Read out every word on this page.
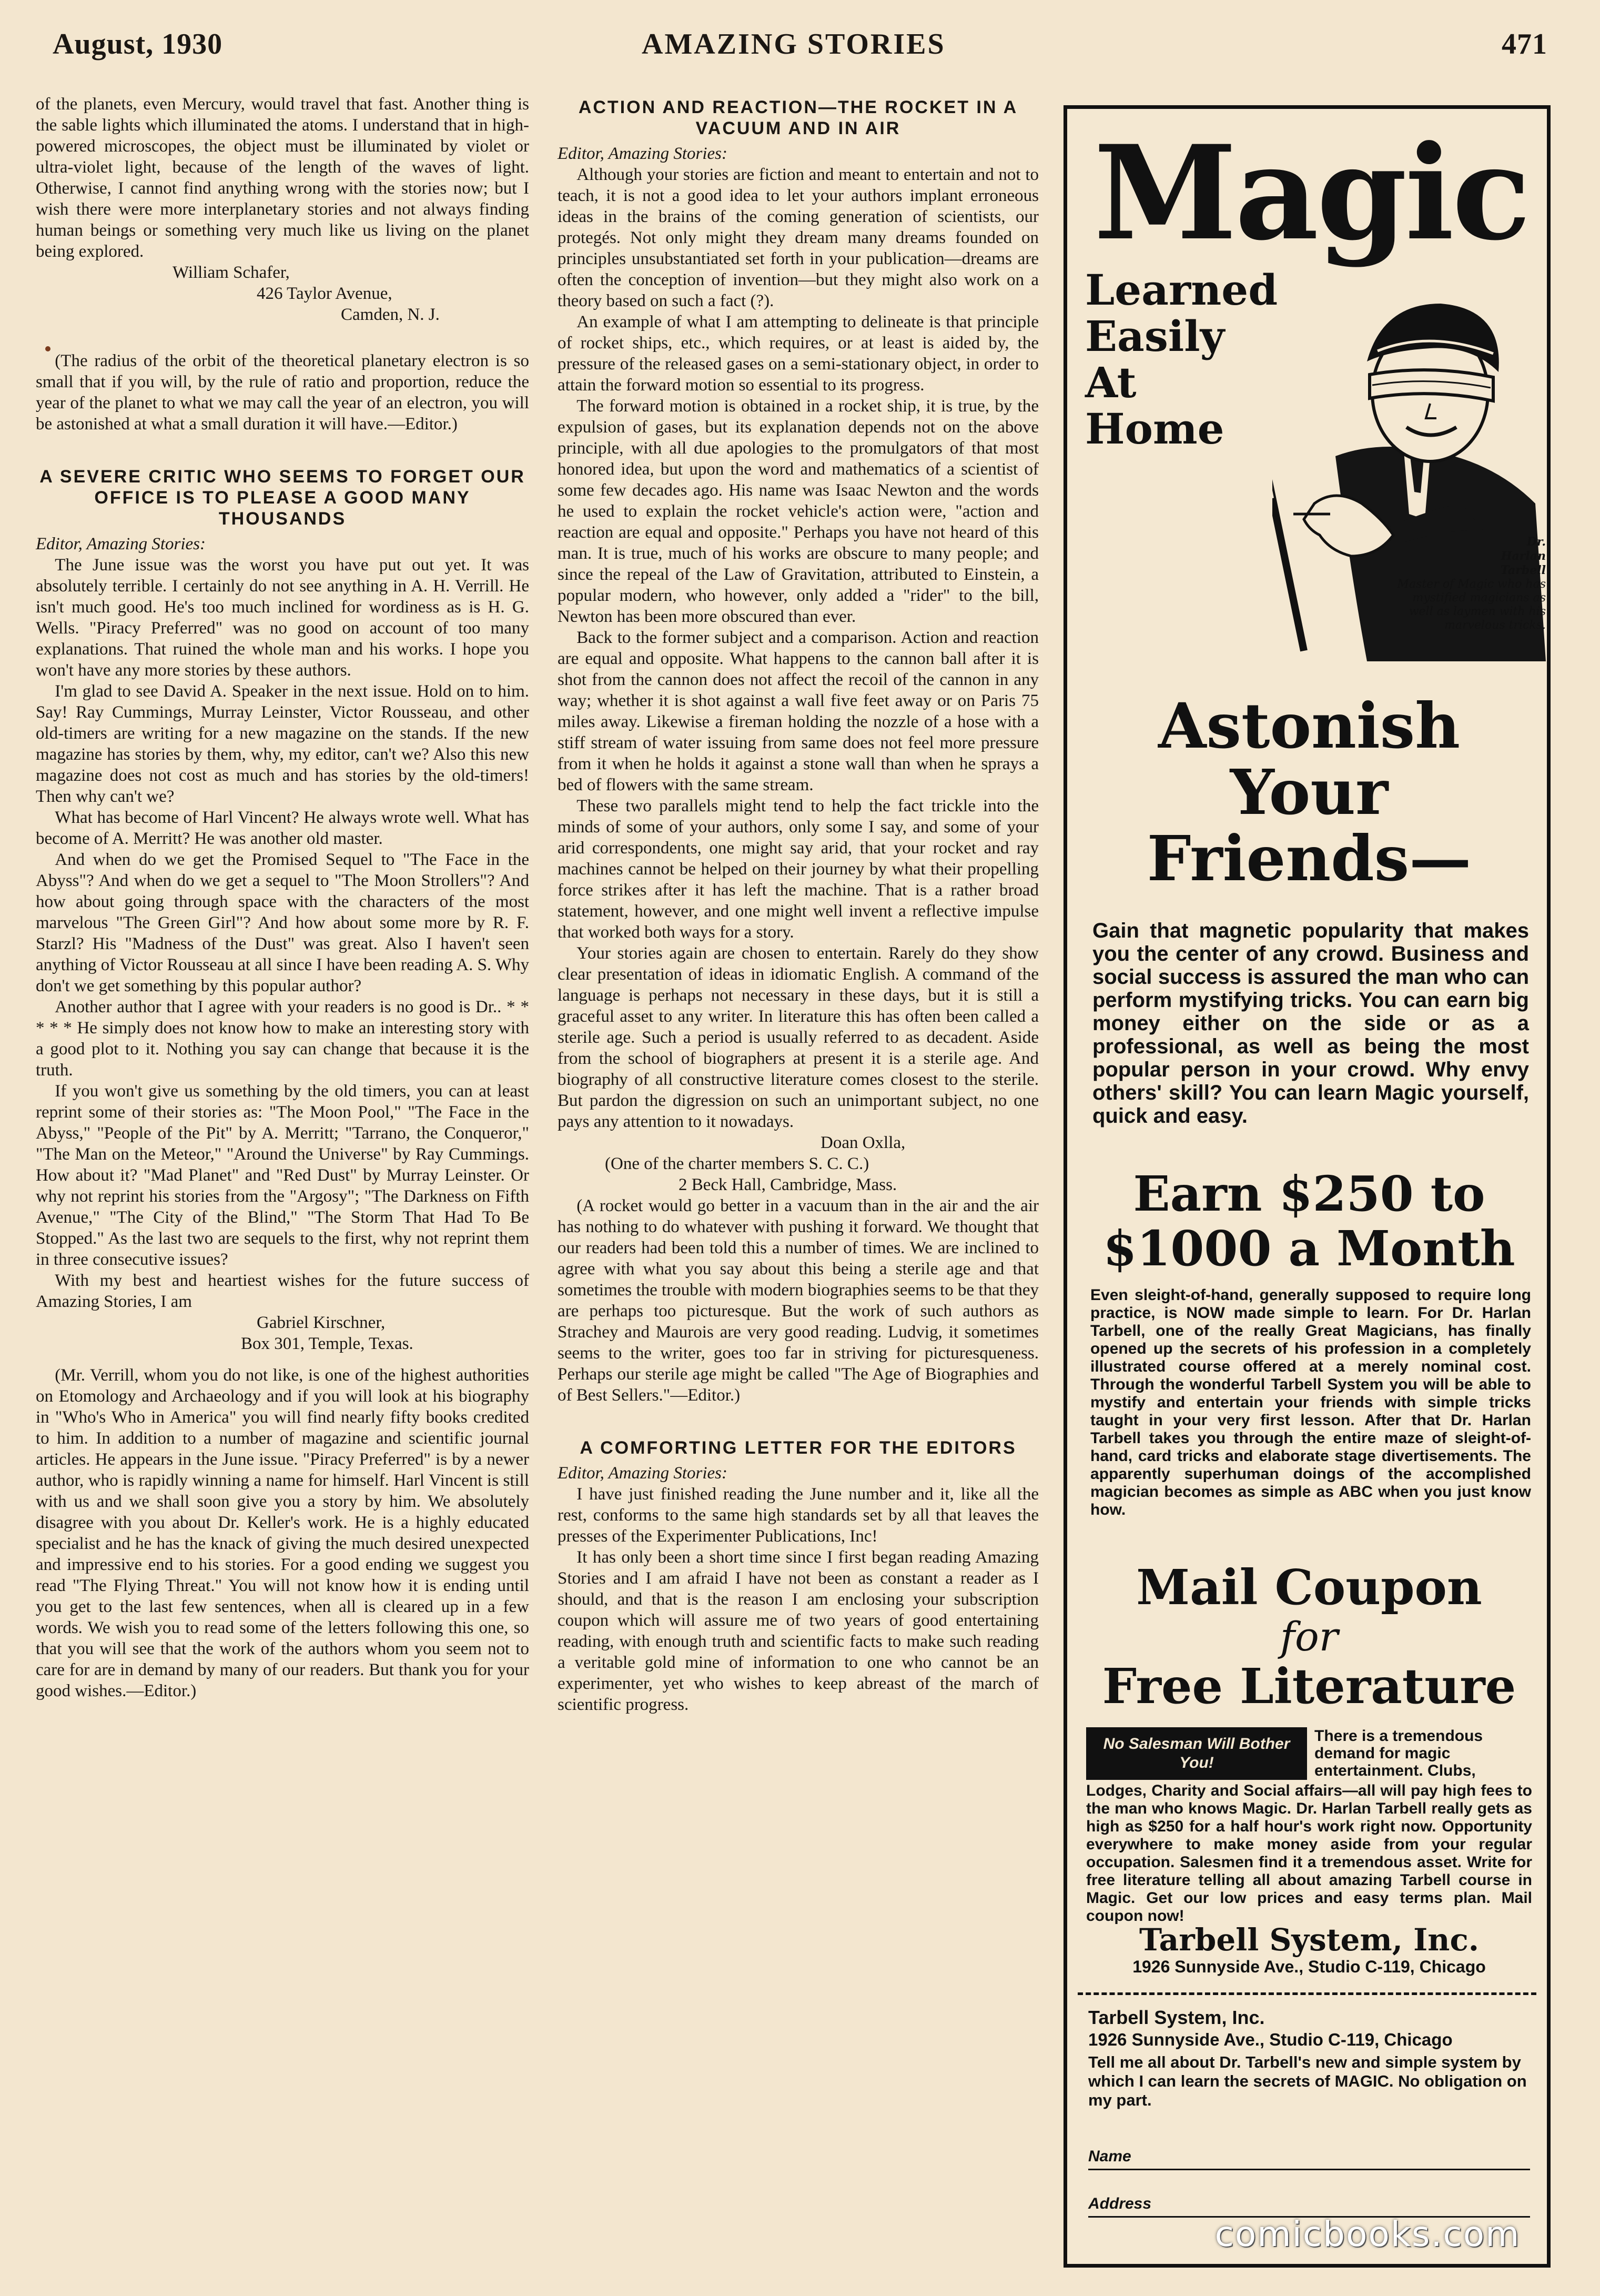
August, 1930	AMAZING STORIES	471

of the planets, even Mercury, would travel that fast. Another thing is the sable lights which illuminated the atoms. I understand that in high-powered microscopes, the object must be illuminated by violet or ultra-violet light, because of the length of the waves of light. Otherwise, I cannot find anything wrong with the stories now; but I wish there were more interplanetary stories and not always finding human beings or something very much like us living on the planet being explored.

William Schafer,
426 Taylor Avenue,
Camden, N. J.

(The radius of the orbit of the theoretical planetary electron is so small that if you will, by the rule of ratio and proportion, reduce the year of the planet to what we may call the year of an electron, you will be astonished at what a small duration it will have.—Editor.)

A SEVERE CRITIC WHO SEEMS TO FORGET OUR OFFICE IS TO PLEASE A GOOD MANY THOUSANDS

Editor, Amazing Stories:

The June issue was the worst you have put out yet. It was absolutely terrible. I certainly do not see anything in A. H. Verrill. He isn't much good. He's too much inclined for wordiness as is H. G. Wells. "Piracy Preferred" was no good on account of too many explanations. That ruined the whole man and his works. I hope you won't have any more stories by these authors.

I'm glad to see David A. Speaker in the next issue. Hold on to him. Say! Ray Cummings, Murray Leinster, Victor Rousseau, and other old-timers are writing for a new magazine on the stands. If the new magazine has stories by them, why, my editor, can't we? Also this new magazine does not cost as much and has stories by the old-timers! Then why can't we?

What has become of Harl Vincent? He always wrote well. What has become of A. Merritt? He was another old master.

And when do we get the Promised Sequel to "The Face in the Abyss"? And when do we get a sequel to "The Moon Strollers"? And how about going through space with the characters of the most marvelous "The Green Girl"? And how about some more by R. F. Starzl? His "Madness of the Dust" was great. Also I haven't seen anything of Victor Rousseau at all since I have been reading A. S. Why don't we get something by this popular author?

Another author that I agree with your readers is no good is Dr.. * * * * * He simply does not know how to make an interesting story with a good plot to it. Nothing you say can change that because it is the truth.

If you won't give us something by the old timers, you can at least reprint some of their stories as: "The Moon Pool," "The Face in the Abyss," "People of the Pit" by A. Merritt; "Tarrano, the Conqueror," "The Man on the Meteor," "Around the Universe" by Ray Cummings. How about it? "Mad Planet" and "Red Dust" by Murray Leinster. Or why not reprint his stories from the "Argosy"; "The Darkness on Fifth Avenue," "The City of the Blind," "The Storm That Had To Be Stopped." As the last two are sequels to the first, why not reprint them in three consecutive issues?

With my best and heartiest wishes for the future success of Amazing Stories, I am

Gabriel Kirschner,
Box 301, Temple, Texas.

(Mr. Verrill, whom you do not like, is one of the highest authorities on Etomology and Archaeology and if you will look at his biography in "Who's Who in America" you will find nearly fifty books credited to him. In addition to a number of magazine and scientific journal articles. He appears in the June issue. "Piracy Preferred" is by a newer author, who is rapidly winning a name for himself. Harl Vincent is still with us and we shall soon give you a story by him. We absolutely disagree with you about Dr. Keller's work. He is a highly educated specialist and he has the knack of giving the much desired unexpected and impressive end to his stories. For a good ending we suggest you read "The Flying Threat." You will not know how it is ending until you get to the last few sentences, when all is cleared up in a few words. We wish you to read some of the letters following this one, so that you will see that the work of the authors whom you seem not to care for are in demand by many of our readers. But thank you for your good wishes.—Editor.)

ACTION AND REACTION—THE ROCKET IN A VACUUM AND IN AIR

Editor, Amazing Stories:

Although your stories are fiction and meant to entertain and not to teach, it is not a good idea to let your authors implant erroneous ideas in the brains of the coming generation of scientists, our protegés. Not only might they dream many dreams founded on principles unsubstantiated set forth in your publication—dreams are often the conception of invention—but they might also work on a theory based on such a fact (?).

An example of what I am attempting to delineate is that principle of rocket ships, etc., which requires, or at least is aided by, the pressure of the released gases on a semi-stationary object, in order to attain the forward motion so essential to its progress.

The forward motion is obtained in a rocket ship, it is true, by the expulsion of gases, but its explanation depends not on the above principle, with all due apologies to the promulgators of that most honored idea, but upon the word and mathematics of a scientist of some few decades ago. His name was Isaac Newton and the words he used to explain the rocket vehicle's action were, "action and reaction are equal and opposite." Perhaps you have not heard of this man. It is true, much of his works are obscure to many people; and since the repeal of the Law of Gravitation, attributed to Einstein, a popular modern, who however, only added a "rider" to the bill, Newton has been more obscured than ever.

Back to the former subject and a comparison. Action and reaction are equal and opposite. What happens to the cannon ball after it is shot from the cannon does not affect the recoil of the cannon in any way; whether it is shot against a wall five feet away or on Paris 75 miles away. Likewise a fireman holding the nozzle of a hose with a stiff stream of water issuing from same does not feel more pressure from it when he holds it against a stone wall than when he sprays a bed of flowers with the same stream.

These two parallels might tend to help the fact trickle into the minds of some of your authors, only some I say, and some of your arid correspondents, one might say arid, that your rocket and ray machines cannot be helped on their journey by what their propelling force strikes after it has left the machine. That is a rather broad statement, however, and one might well invent a reflective impulse that worked both ways for a story.

Your stories again are chosen to entertain. Rarely do they show clear presentation of ideas in idiomatic English. A command of the language is perhaps not necessary in these days, but it is still a graceful asset to any writer. In literature this has often been called a sterile age. Such a period is usually referred to as decadent. Aside from the school of biographers at present it is a sterile age. And biography of all constructive literature comes closest to the sterile. But pardon the digression on such an unimportant subject, no one pays any attention to it nowadays.

Doan Oxlla,
(One of the charter members S. C. C.)
2 Beck Hall, Cambridge, Mass.

(A rocket would go better in a vacuum than in the air and the air has nothing to do whatever with pushing it forward. We thought that our readers had been told this a number of times. We are inclined to agree with what you say about this being a sterile age and that sometimes the trouble with modern biographies seems to be that they are perhaps too picturesque. But the work of such authors as Strachey and Maurois are very good reading. Ludvig, it sometimes seems to the writer, goes too far in striving for picturesqueness. Perhaps our sterile age might be called "The Age of Biographies and of Best Sellers."—Editor.)

A COMFORTING LETTER FOR THE EDITORS

Editor, Amazing Stories:

I have just finished reading the June number and it, like all the rest, conforms to the same high standards set by all that leaves the presses of the Experimenter Publications, Inc!

It has only been a short time since I first began reading Amazing Stories and I am afraid I have not been as constant a reader as I should, and that is the reason I am enclosing your subscription coupon which will assure me of two years of good entertaining reading, with enough truth and scientific facts to make such reading a veritable gold mine of information to one who cannot be an experimenter, yet who wishes to keep abreast of the march of scientific progress.

Magic
Learned
Easily
At
Home
Dr.
Harlan
Tarbell
Master of Magic who has mystified magicians as well as laymen with his marvelous tricks.
Astonish
Your
Friends—
Gain that magnetic popularity that makes you the center of any crowd. Business and social success is assured the man who can perform mystifying tricks. You can earn big money either on the side or as a professional, as well as being the most popular person in your crowd. Why envy others' skill? You can learn Magic yourself, quick and easy.
Earn $250 to
$1000 a Month
Even sleight-of-hand, generally supposed to require long practice, is NOW made simple to learn. For Dr. Harlan Tarbell, one of the really Great Magicians, has finally opened up the secrets of his profession in a completely illustrated course offered at a merely nominal cost. Through the wonderful Tarbell System you will be able to mystify and entertain your friends with simple tricks taught in your very first lesson. After that Dr. Harlan Tarbell takes you through the entire maze of sleight-of-hand, card tricks and elaborate stage divertisements. The apparently superhuman doings of the accomplished magician becomes as simple as ABC when you just know how.
Mail Coupon
for
Free Literature
No Salesman Will Bother You!
There is a tremendous demand for magic entertainment. Clubs,
Lodges, Charity and Social affairs—all will pay high fees to the man who knows Magic. Dr. Harlan Tarbell really gets as high as $250 for a half hour's work right now. Opportunity everywhere to make money aside from your regular occupation. Salesmen find it a tremendous asset. Write for free literature telling all about amazing Tarbell course in Magic. Get our low prices and easy terms plan. Mail coupon now!
Tarbell System, Inc.
1926 Sunnyside Ave., Studio C-119, Chicago
Tarbell System, Inc.
1926 Sunnyside Ave., Studio C-119, Chicago
Tell me all about Dr. Tarbell's new and simple system by which I can learn the secrets of MAGIC. No obligation on my part.
Name
Address
comicbooks.com
